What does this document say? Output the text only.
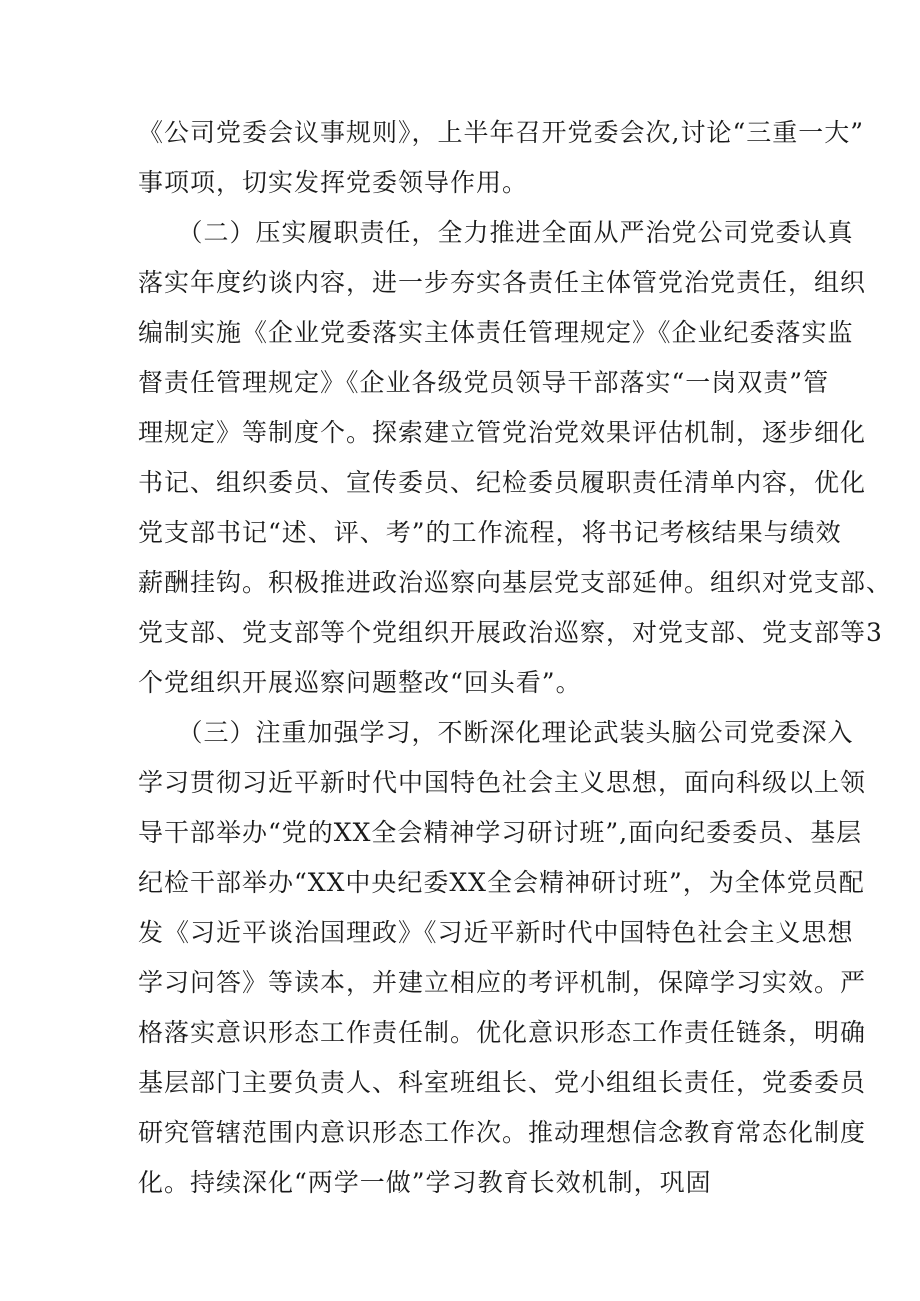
《公司党委会议事规则》，上半年召开党委会次,讨论“三重一大”
事项项，切实发挥党委领导作用。
　　（二）压实履职责任，全力推进全面从严治党公司党委认真
落实年度约谈内容，进一步夯实各责任主体管党治党责任，组织
编制实施《企业党委落实主体责任管理规定》《企业纪委落实监
督责任管理规定》《企业各级党员领导干部落实“一岗双责”管
理规定》等制度个。探索建立管党治党效果评估机制，逐步细化
书记、组织委员、宣传委员、纪检委员履职责任清单内容，优化
党支部书记“述、评、考”的工作流程，将书记考核结果与绩效
薪酬挂钩。积极推进政治巡察向基层党支部延伸。组织对党支部、
党支部、党支部等个党组织开展政治巡察，对党支部、党支部等3
个党组织开展巡察问题整改“回头看”。
　　（三）注重加强学习，不断深化理论武装头脑公司党委深入
学习贯彻习近平新时代中国特色社会主义思想，面向科级以上领
导干部举办“党的XX全会精神学习研讨班”,面向纪委委员、基层
纪检干部举办“XX中央纪委XX全会精神研讨班”，为全体党员配
发《习近平谈治国理政》《习近平新时代中国特色社会主义思想
学习问答》等读本，并建立相应的考评机制，保障学习实效。严
格落实意识形态工作责任制。优化意识形态工作责任链条，明确
基层部门主要负责人、科室班组长、党小组组长责任，党委委员
研究管辖范围内意识形态工作次。推动理想信念教育常态化制度
化。持续深化“两学一做”学习教育长效机制，巩固
